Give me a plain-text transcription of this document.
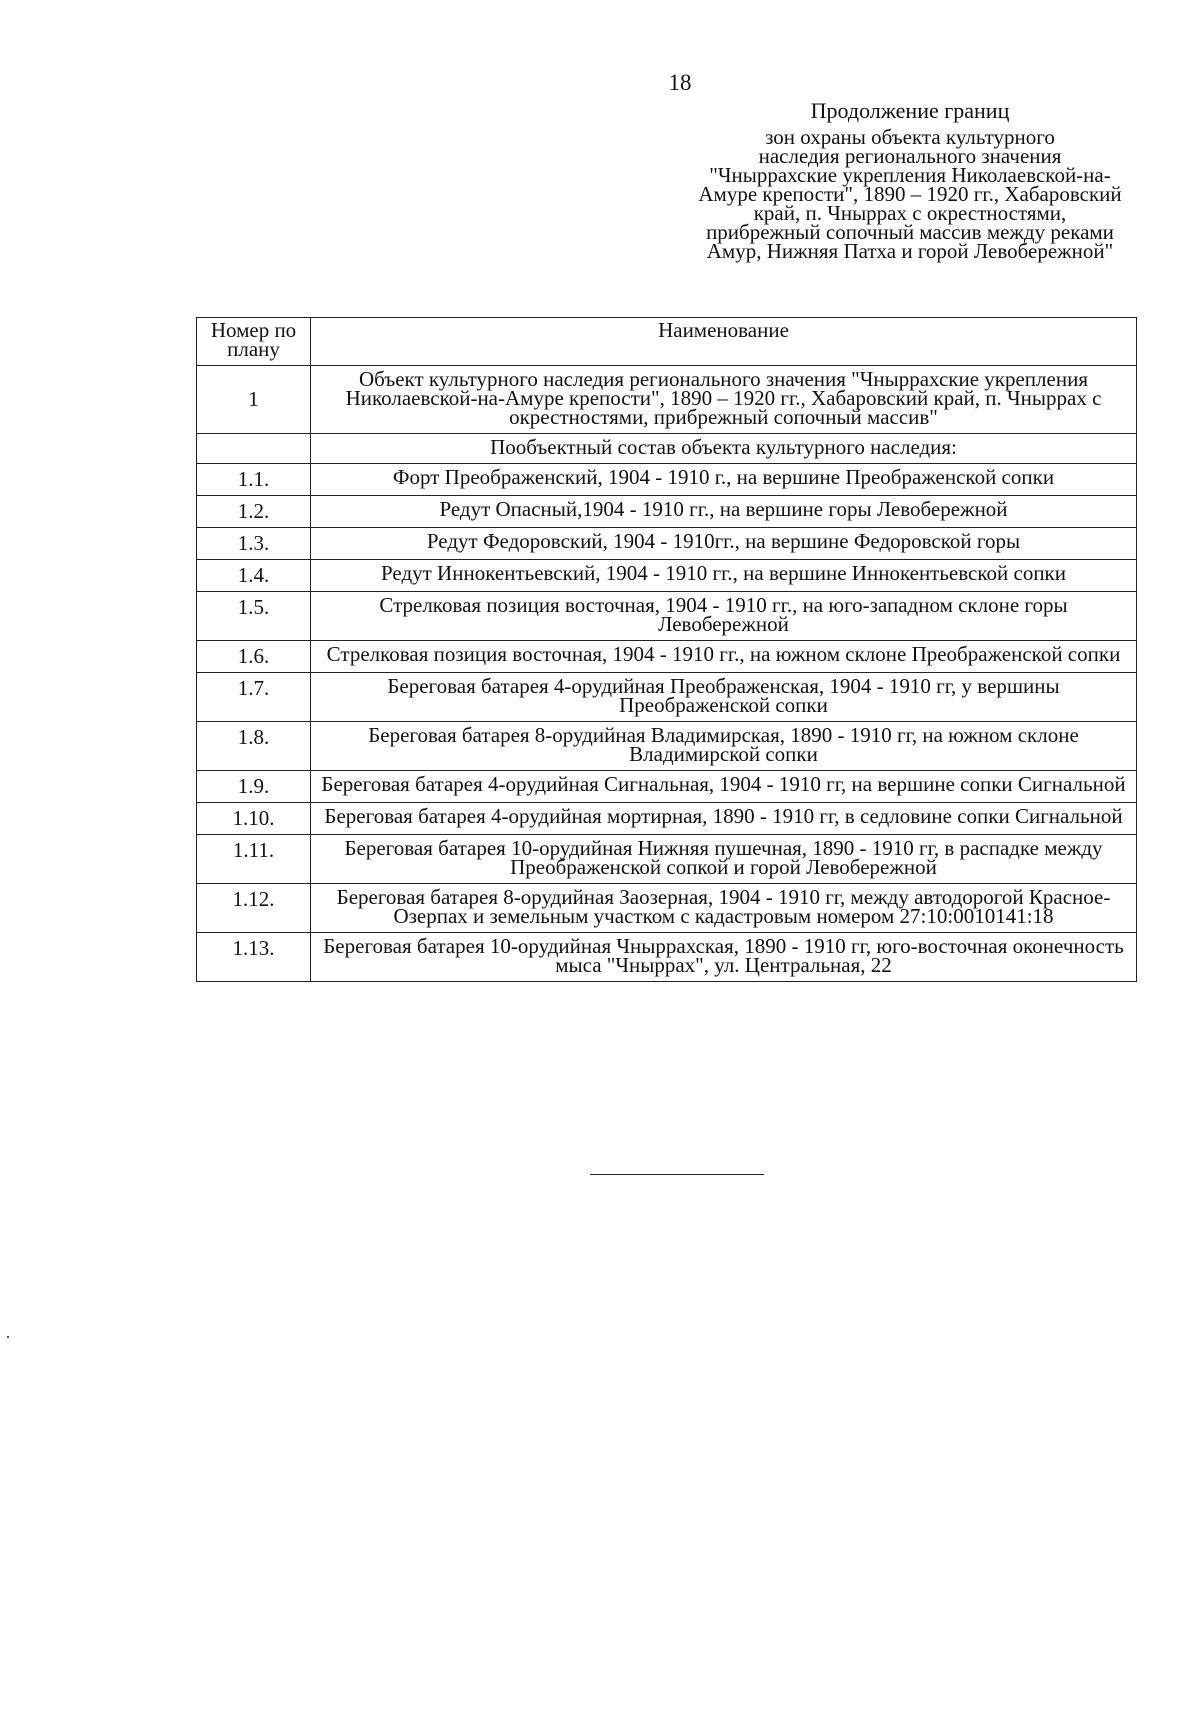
18
Продолжение границ
зон охраны объекта культурного
наследия регионального значения
"Чныррахские укрепления Николаевской-на-
Амуре крепости", 1890 – 1920 гг., Хабаровский
край, п. Чныррах с окрестностями,
прибрежный сопочный массив между реками
Амур, Нижняя Патха и горой Левобережной"
Номер по плану	Наименование
1	Объект культурного наследия регионального значения "Чныррахские укрепления Николаевской-на-Амуре крепости", 1890 – 1920 гг., Хабаровский край, п. Чныррах с окрестностями, прибрежный сопочный массив"
	Пообъектный состав объекта культурного наследия:
1.1.	Форт Преображенский, 1904 - 1910 г., на вершине Преображенской сопки
1.2.	Редут Опасный,1904 - 1910 гг., на вершине горы Левобережной
1.3.	Редут Федоровский, 1904 - 1910гг., на вершине Федоровской горы
1.4.	Редут Иннокентьевский, 1904 - 1910 гг., на вершине Иннокентьевской сопки
1.5.	Стрелковая позиция восточная, 1904 - 1910 гг., на юго-западном склоне горы Левобережной
1.6.	Стрелковая позиция восточная, 1904 - 1910 гг., на южном склоне Преображенской сопки
1.7.	Береговая батарея 4-орудийная Преображенская, 1904 - 1910 гг, у вершины Преображенской сопки
1.8.	Береговая батарея 8-орудийная Владимирская, 1890 - 1910 гг, на южном склоне Владимирской сопки
1.9.	Береговая батарея 4-орудийная Сигнальная, 1904 - 1910 гг, на вершине сопки Сигнальной
1.10.	Береговая батарея 4-орудийная мортирная, 1890 - 1910 гг, в седловине сопки Сигнальной
1.11.	Береговая батарея 10-орудийная Нижняя пушечная, 1890 - 1910 гг, в распадке между Преображенской сопкой и горой Левобережной
1.12.	Береговая батарея 8-орудийная Заозерная, 1904 - 1910 гг, между автодорогой Красное-Озерпах и земельным участком с кадастровым номером 27:10:0010141:18
1.13.	Береговая батарея 10-орудийная Чныррахская, 1890 - 1910 гг, юго-восточная оконечность мыса "Чныррах", ул. Центральная, 22
